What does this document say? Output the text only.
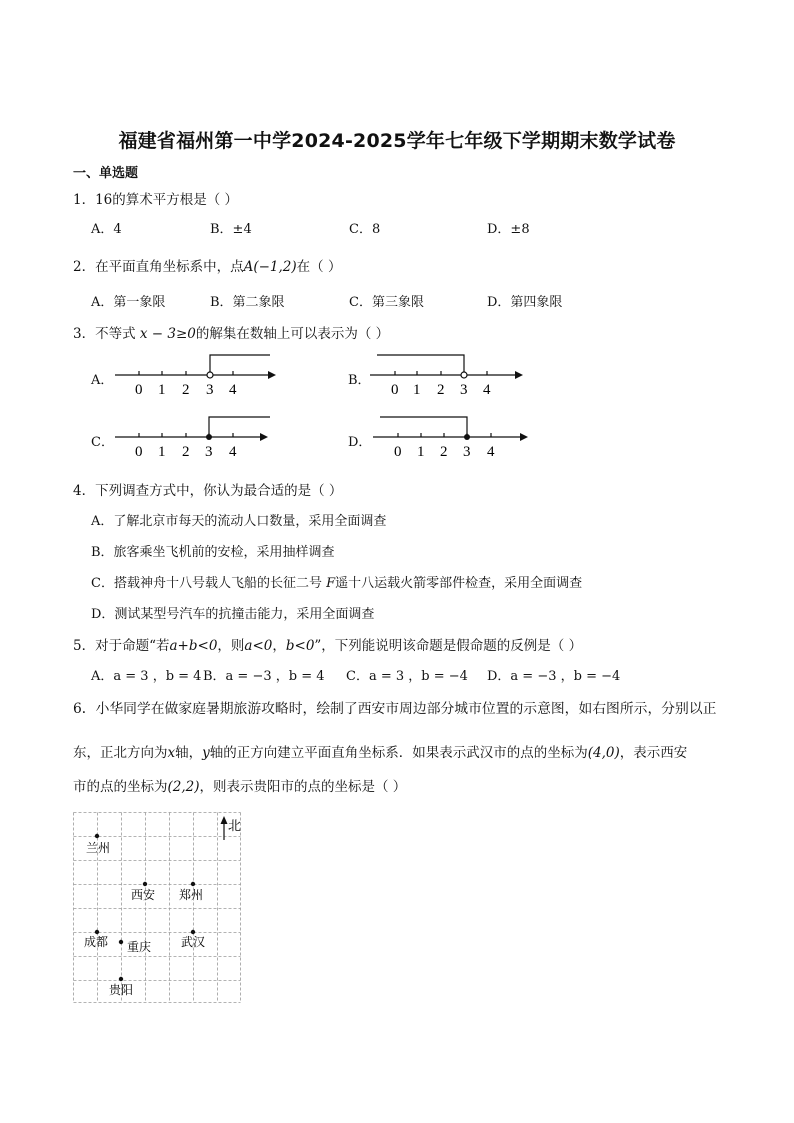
福建省福州第一中学2024-2025学年七年级下学期期末数学试卷
一、单选题
1．16的算术平方根是（ ）
A．4	B．±4	C．8	D．±8
2．在平面直角坐标系中，点A(−1,2)在（ ）
A．第一象限	B．第二象限	C．第三象限	D．第四象限
3．不等式 x − 3≥0的解集在数轴上可以表示为（ ）
A．	B．
C．	D．
0 1 2 3 4	0 1 2 3 4
0 1 2 3 4	0 1 2 3 4
4．下列调查方式中，你认为最合适的是（ ）
A．了解北京市每天的流动人口数量，采用全面调查
B．旅客乘坐飞机前的安检，采用抽样调查
C．搭载神舟十八号载人飞船的长征二号 F遥十八运载火箭零部件检查，采用全面调查
D．测试某型号汽车的抗撞击能力，采用全面调查
5．对于命题“若a+b<0，则a<0，b<0”，下列能说明该命题是假命题的反例是（ ）
A．a = 3 ，b = 4 B．a = −3 ，b = 4 C．a = 3 ，b = −4 D．a = −3 ，b = −4
6．小华同学在做家庭暑期旅游攻略时，绘制了西安市周边部分城市位置的示意图，如右图所示，分别以正
东，正北方向为x轴，y轴的正方向建立平面直角坐标系．如果表示武汉市的点的坐标为(4,0)，表示西安
市的点的坐标为(2,2)，则表示贵阳市的点的坐标是（ ）
北
兰州
西安 郑州
成都 重庆 武汉
贵阳
